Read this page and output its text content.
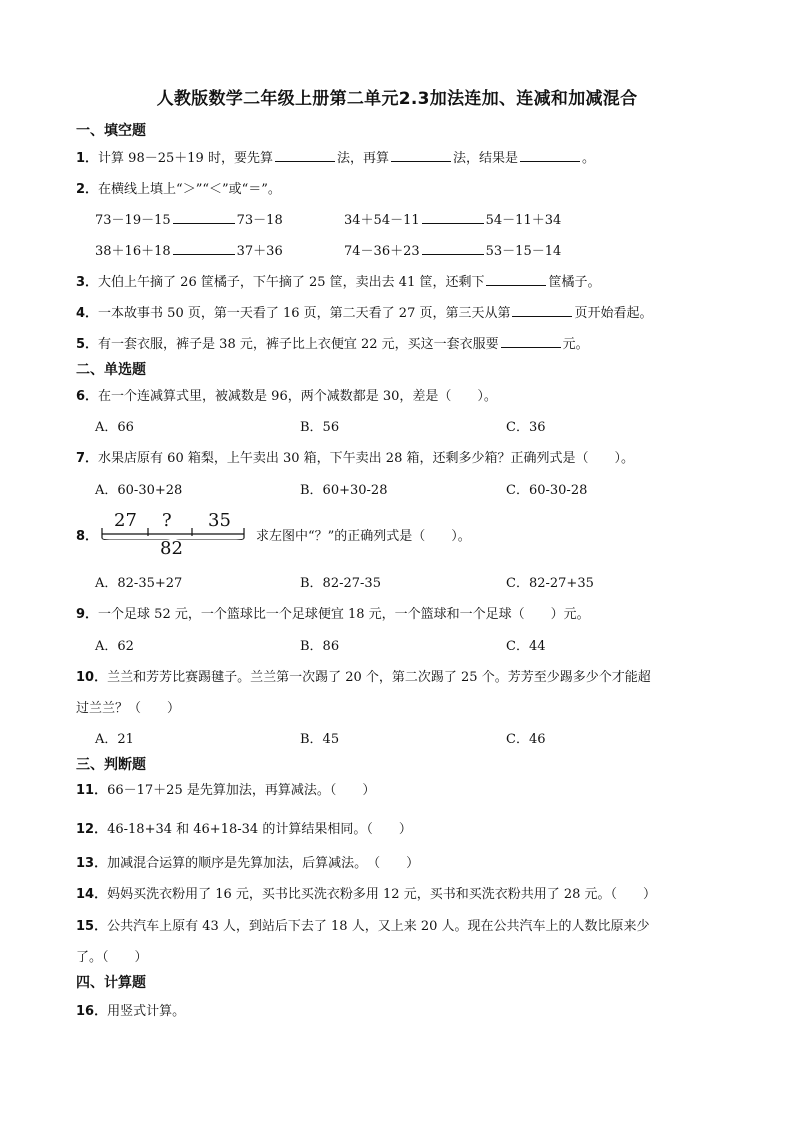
人教版数学二年级上册第二单元2.3加法连加、连减和加减混合
一、填空题
1．计算 98－25＋19 时，要先算	法，再算	法，结果是	。
2．在横线上填上“＞”“＜”或“＝”。
73－19－15	73－18	34＋54－11	54－11＋34
38＋16＋18	37＋36	74－36＋23	53－15－14
3．大伯上午摘了 26 筐橘子，下午摘了 25 筐，卖出去 41 筐，还剩下	筐橘子。
4．一本故事书 50 页，第一天看了 16 页，第二天看了 27 页，第三天从第	页开始看起。
5．有一套衣服，裤子是 38 元，裤子比上衣便宜 22 元，买这一套衣服要	元。
二、单选题
6．在一个连减算式里，被减数是 96，两个减数都是 30，差是（　　）。
A．66	B．56	C．36
7．水果店原有 60 箱梨，上午卖出 30 箱，下午卖出 28 箱，还剩多少箱？正确列式是（　　）。
A．60-30+28	B．60+30-28	C．60-30-28
8．
27 ? 35
82
求左图中“？”的正确列式是（　　）。
A．82-35+27	B．82-27-35	C．82-27+35
9．一个足球 52 元，一个篮球比一个足球便宜 18 元，一个篮球和一个足球（　　）元。
A．62	B．86	C．44
10．兰兰和芳芳比赛踢毽子。兰兰第一次踢了 20 个，第二次踢了 25 个。芳芳至少踢多少个才能超
过兰兰？（　　）
A．21	B．45	C．46
三、判断题
11．66－17＋25 是先算加法，再算减法。（　　）
12．46-18+34 和 46+18-34 的计算结果相同。（　　）
13．加减混合运算的顺序是先算加法，后算减法。　（　　）
14．妈妈买洗衣粉用了 16 元，买书比买洗衣粉多用 12 元，买书和买洗衣粉共用了 28 元。（　　）
15．公共汽车上原有 43 人，到站后下去了 18 人，又上来 20 人。现在公共汽车上的人数比原来少
了。（　　）
四、计算题
16．用竖式计算。
